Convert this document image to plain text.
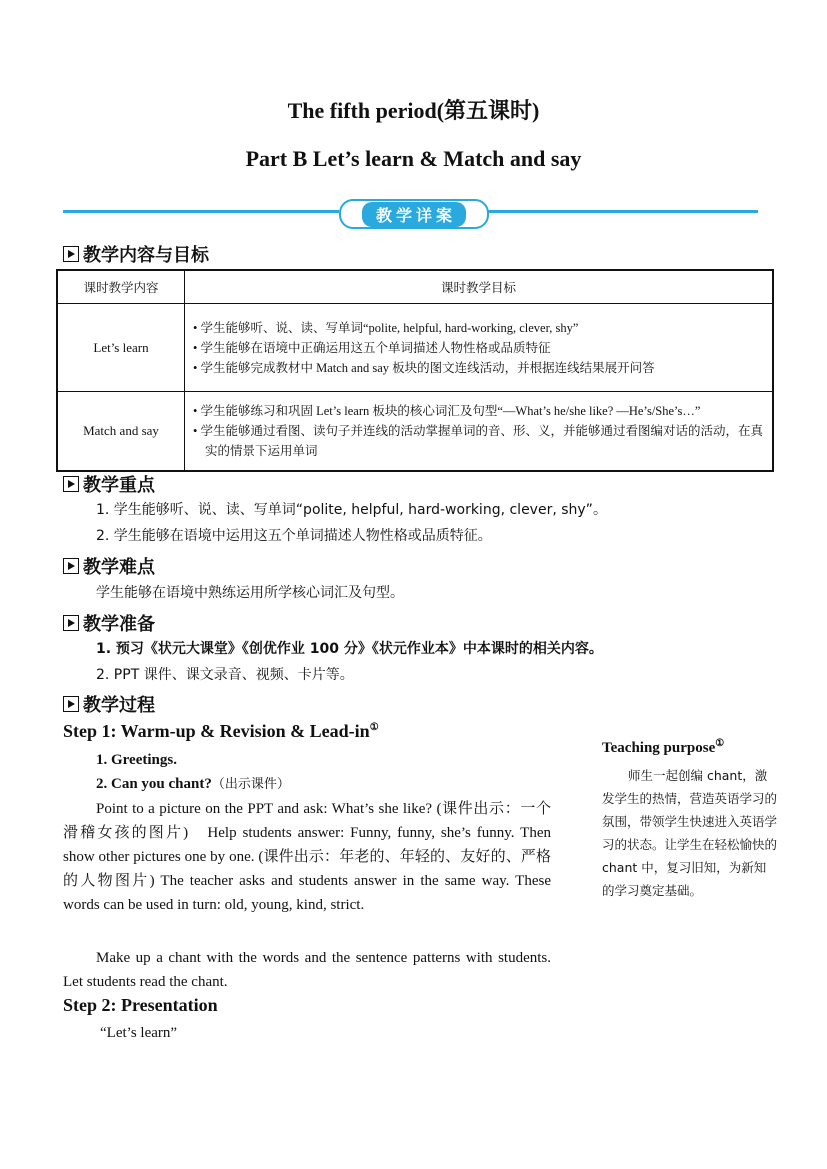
The fifth period(第五课时)
Part B Let’s learn & Match and say
教学详案
教学内容与目标
课时教学内容	课时教学目标
Let’s learn	• 学生能够听、说、读、写单词“polite, helpful, hard-working, clever, shy”
• 学生能够在语境中正确运用这五个单词描述人物性格或品质特征
• 学生能够完成教材中 Match and say 板块的图文连线活动，并根据连线结果展开问答

Match and say	• 学生能够练习和巩固 Let’s learn 板块的核心词汇及句型“—What’s he/she like? —He’s/She’s…”
• 学生能够通过看图、读句子并连线的活动掌握单词的音、形、义，并能够通过看图编对话的活动，在真实的情景下运用单词
教学重点
1. 学生能够听、说、读、写单词“polite, helpful, hard-working, clever, shy”。
2. 学生能够在语境中运用这五个单词描述人物性格或品质特征。
教学难点
学生能够在语境中熟练运用所学核心词汇及句型。
教学准备
1. 预习《状元大课堂》《创优作业 100 分》《状元作业本》中本课时的相关内容。
2. PPT 课件、课文录音、视频、卡片等。
教学过程
Step 1: Warm-up & Revision & Lead-in①
1. Greetings.
2. Can you chant?（出示课件）
Point to a picture on the PPT and ask: What’s she like? (课件出示：一个滑稽女孩的图片)　Help students answer: Funny, funny, she’s funny. Then show other pictures one by one. (课件出示：年老的、年轻的、友好的、严格的人物图片) The teacher asks and students answer in the same way. These words can be used in turn: old, young, kind, strict.
Make up a chant with the words and the sentence patterns with students. Let students read the chant.
Step 2: Presentation
“Let’s learn”
Teaching purpose①
师生一起创编 chant，激发学生的热情，营造英语学习的氛围，带领学生快速进入英语学习的状态。让学生在轻松愉快的 chant 中，复习旧知，为新知的学习奠定基础。
